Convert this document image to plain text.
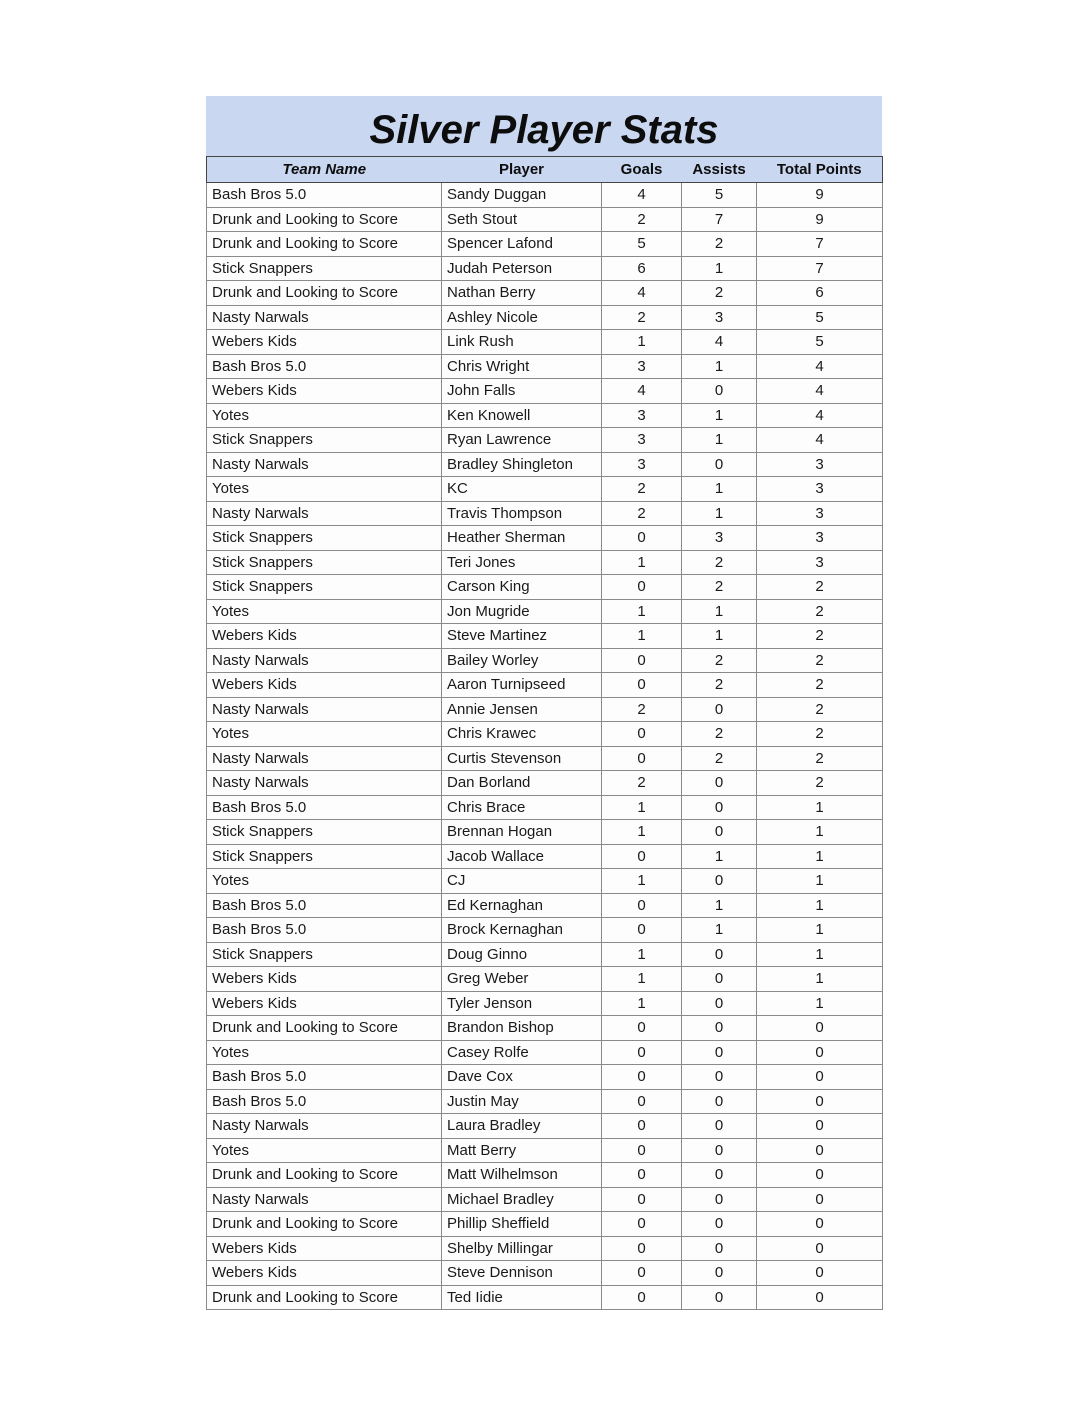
Silver Player Stats
Team Name	Player	Goals	Assists	Total Points
Bash Bros 5.0	Sandy Duggan	4	5	9
Drunk and Looking to Score	Seth Stout	2	7	9
Drunk and Looking to Score	Spencer Lafond	5	2	7
Stick Snappers	Judah Peterson	6	1	7
Drunk and Looking to Score	Nathan Berry	4	2	6
Nasty Narwals	Ashley Nicole	2	3	5
Webers Kids	Link Rush	1	4	5
Bash Bros 5.0	Chris Wright	3	1	4
Webers Kids	John Falls	4	0	4
Yotes	Ken Knowell	3	1	4
Stick Snappers	Ryan Lawrence	3	1	4
Nasty Narwals	Bradley Shingleton	3	0	3
Yotes	KC	2	1	3
Nasty Narwals	Travis Thompson	2	1	3
Stick Snappers	Heather Sherman	0	3	3
Stick Snappers	Teri Jones	1	2	3
Stick Snappers	Carson King	0	2	2
Yotes	Jon Mugride	1	1	2
Webers Kids	Steve Martinez	1	1	2
Nasty Narwals	Bailey Worley	0	2	2
Webers Kids	Aaron Turnipseed	0	2	2
Nasty Narwals	Annie Jensen	2	0	2
Yotes	Chris Krawec	0	2	2
Nasty Narwals	Curtis Stevenson	0	2	2
Nasty Narwals	Dan Borland	2	0	2
Bash Bros 5.0	Chris Brace	1	0	1
Stick Snappers	Brennan Hogan	1	0	1
Stick Snappers	Jacob Wallace	0	1	1
Yotes	CJ	1	0	1
Bash Bros 5.0	Ed Kernaghan	0	1	1
Bash Bros 5.0	Brock Kernaghan	0	1	1
Stick Snappers	Doug Ginno	1	0	1
Webers Kids	Greg Weber	1	0	1
Webers Kids	Tyler Jenson	1	0	1
Drunk and Looking to Score	Brandon Bishop	0	0	0
Yotes	Casey Rolfe	0	0	0
Bash Bros 5.0	Dave Cox	0	0	0
Bash Bros 5.0	Justin May	0	0	0
Nasty Narwals	Laura Bradley	0	0	0
Yotes	Matt Berry	0	0	0
Drunk and Looking to Score	Matt Wilhelmson	0	0	0
Nasty Narwals	Michael Bradley	0	0	0
Drunk and Looking to Score	Phillip Sheffield	0	0	0
Webers Kids	Shelby Millingar	0	0	0
Webers Kids	Steve Dennison	0	0	0
Drunk and Looking to Score	Ted Iidie	0	0	0
